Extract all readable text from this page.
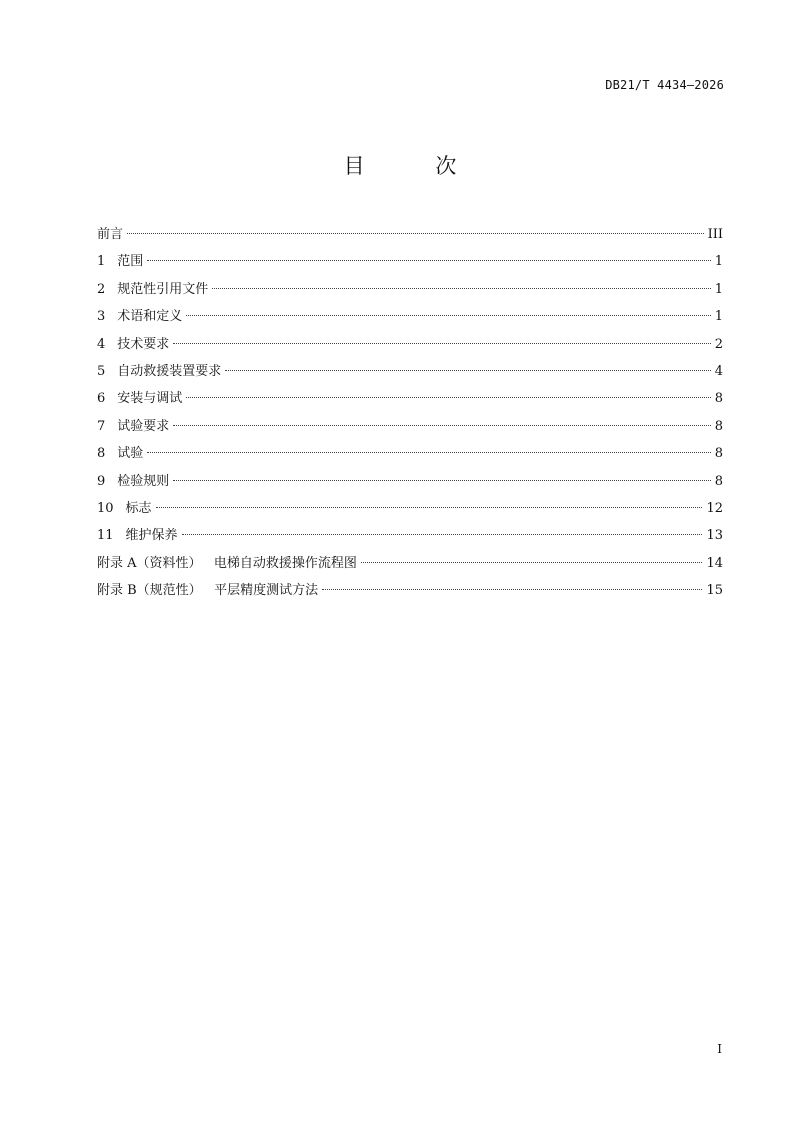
DB21/T 4434—2026
目 次
前言	III
1 范围	1
2 规范性引用文件	1
3 术语和定义	1
4 技术要求	2
5 自动救援装置要求	4
6 安装与调试	8
7 试验要求	8
8 试验	8
9 检验规则	8
10 标志	12
11 维护保养	13
附录 A（资料性）   电梯自动救援操作流程图	14
附录 B（规范性）   平层精度测试方法	15
I
